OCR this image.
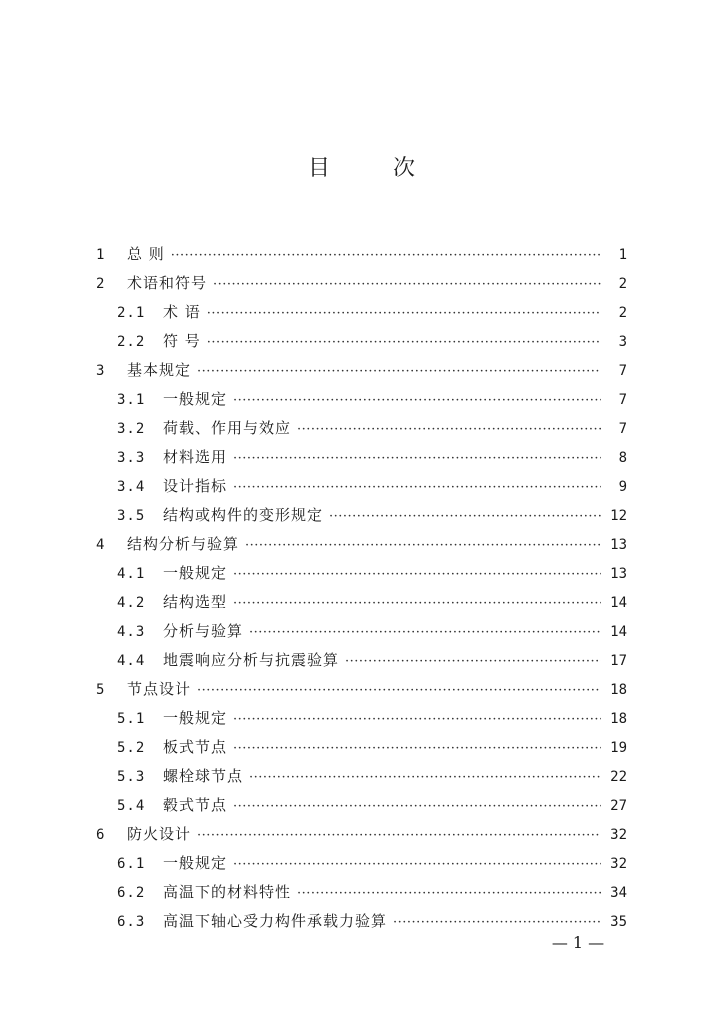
目 次
1	总 则 ·····	1
2	术语和符号 ·····	2
2.1	术 语 ·····	2
2.2	符 号 ·····	3
3	基本规定 ·····	7
3.1	一般规定 ·····	7
3.2	荷载、作用与效应 ·····	7
3.3	材料选用 ·····	8
3.4	设计指标 ·····	9
3.5	结构或构件的变形规定 ·····	12
4	结构分析与验算 ·····	13
4.1	一般规定 ·····	13
4.2	结构选型 ·····	14
4.3	分析与验算 ·····	14
4.4	地震响应分析与抗震验算 ·····	17
5	节点设计 ·····	18
5.1	一般规定 ·····	18
5.2	板式节点 ·····	19
5.3	螺栓球节点 ·····	22
5.4	毂式节点 ·····	27
6	防火设计 ·····	32
6.1	一般规定 ·····	32
6.2	高温下的材料特性 ·····	34
6.3	高温下轴心受力构件承载力验算 ·····	35
— 1 —
